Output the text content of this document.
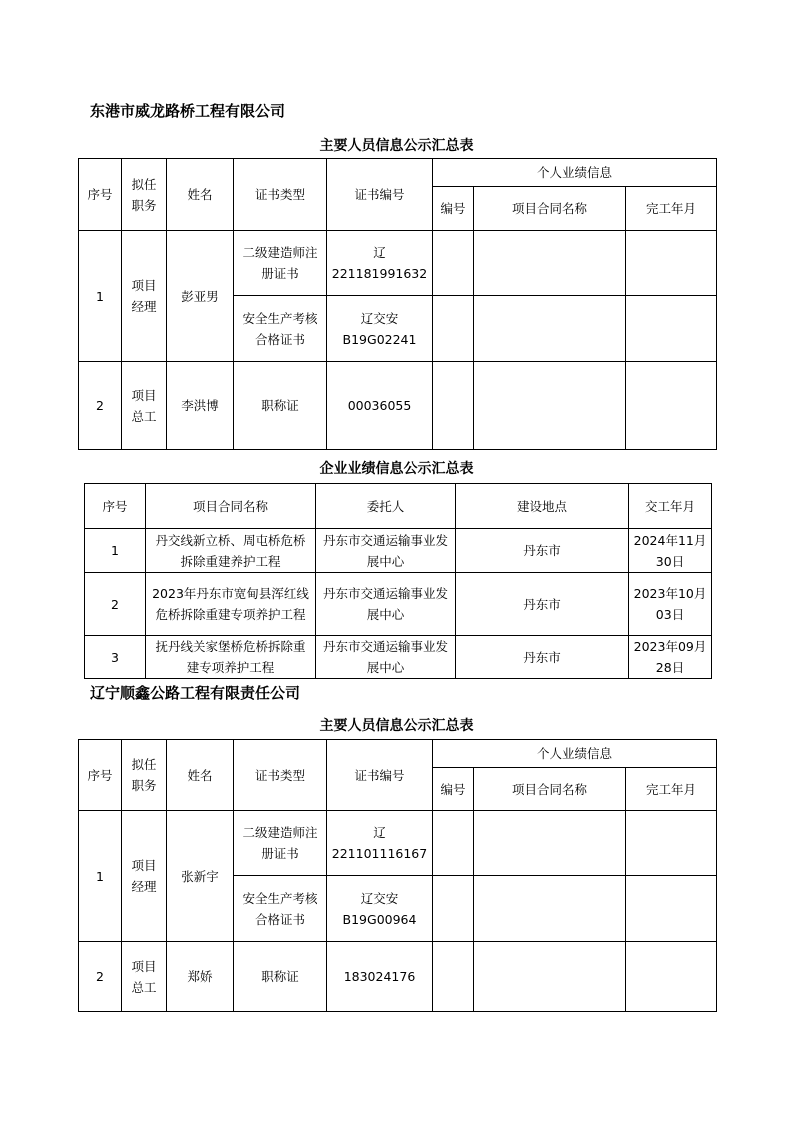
东港市威龙路桥工程有限公司
主要人员信息公示汇总表
序号	拟任职务	姓名	证书类型	证书编号	个人业绩信息		
					编号	项目合同名称	完工年月
1	项目经理	彭亚男	二级建造师注册证书	辽221181991632			
			安全生产考核合格证书	辽交安B19G02241			
2	项目总工	李洪博	职称证	00036055			
企业业绩信息公示汇总表
序号	项目合同名称	委托人	建设地点	交工年月
1	丹交线新立桥、周屯桥危桥拆除重建养护工程	丹东市交通运输事业发展中心	丹东市	2024年11月30日
2	2023年丹东市宽甸县浑红线危桥拆除重建专项养护工程	丹东市交通运输事业发展中心	丹东市	2023年10月03日
3	抚丹线关家堡桥危桥拆除重建专项养护工程	丹东市交通运输事业发展中心	丹东市	2023年09月28日
辽宁顺鑫公路工程有限责任公司
主要人员信息公示汇总表
序号	拟任职务	姓名	证书类型	证书编号	个人业绩信息		
					编号	项目合同名称	完工年月
1	项目经理	张新宇	二级建造师注册证书	辽221101116167			
			安全生产考核合格证书	辽交安B19G00964			
2	项目总工	郑娇	职称证	183024176			
